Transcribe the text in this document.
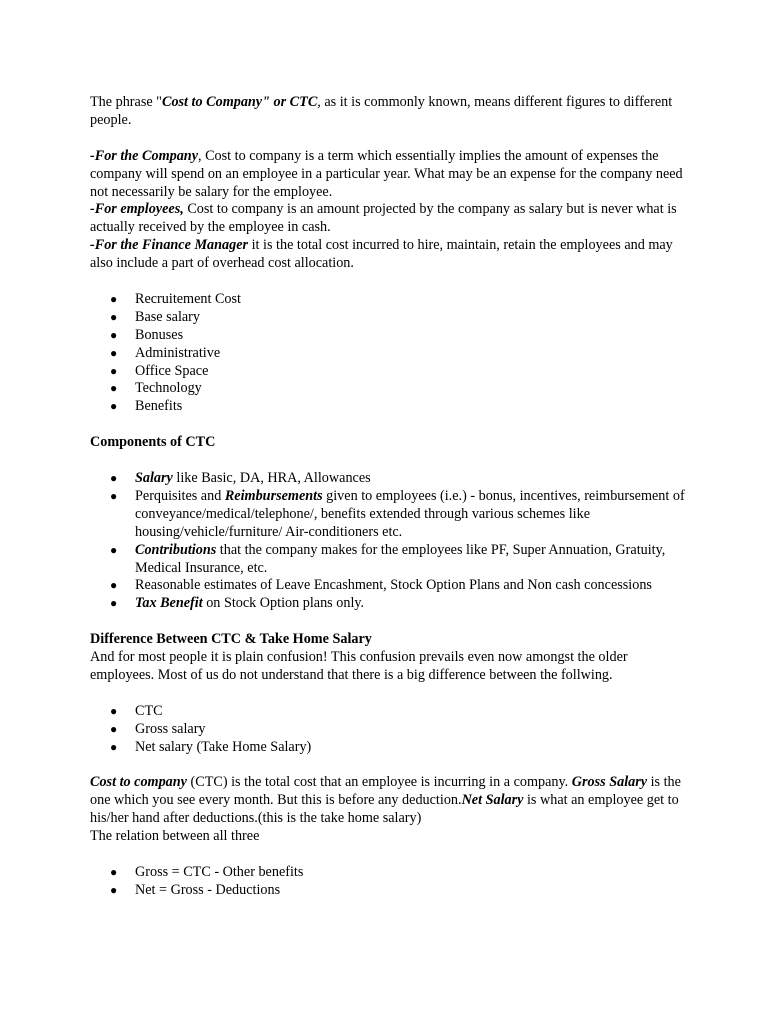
The phrase "Cost to Company" or CTC, as it is commonly known, means different figures to different people.

-For the Company, Cost to company is a term which essentially implies the amount of expenses the company will spend on an employee in a particular year. What may be an expense for the company need not necessarily be salary for the employee.

-For employees, Cost to company is an amount projected by the company as salary but is never what is actually received by the employee in cash.

-For the Finance Manager it is the total cost incurred to hire, maintain, retain the employees and may also include a part of overhead cost allocation.

● Recruitement Cost
● Base salary
● Bonuses
● Administrative
● Office Space
● Technology
● Benefits

Components of CTC

● Salary like Basic, DA, HRA, Allowances
● Perquisites and Reimbursements given to employees (i.e.) - bonus, incentives, reimbursement of conveyance/medical/telephone/, benefits extended through various schemes like housing/vehicle/furniture/ Air-conditioners etc.
● Contributions that the company makes for the employees like PF, Super Annuation, Gratuity, Medical Insurance, etc.
● Reasonable estimates of Leave Encashment, Stock Option Plans and Non cash concessions
● Tax Benefit on Stock Option plans only.

Difference Between CTC & Take Home Salary

And for most people it is plain confusion! This confusion prevails even now amongst the older employees. Most of us do not understand that there is a big difference between the follwing.

● CTC
● Gross salary
● Net salary (Take Home Salary)

Cost to company (CTC) is the total cost that an employee is incurring in a company. Gross Salary is the one which you see every month. But this is before any deduction.Net Salary is what an employee get to his/her hand after deductions.(this is the take home salary)

The relation between all three

● Gross = CTC - Other benefits
● Net = Gross - Deductions
